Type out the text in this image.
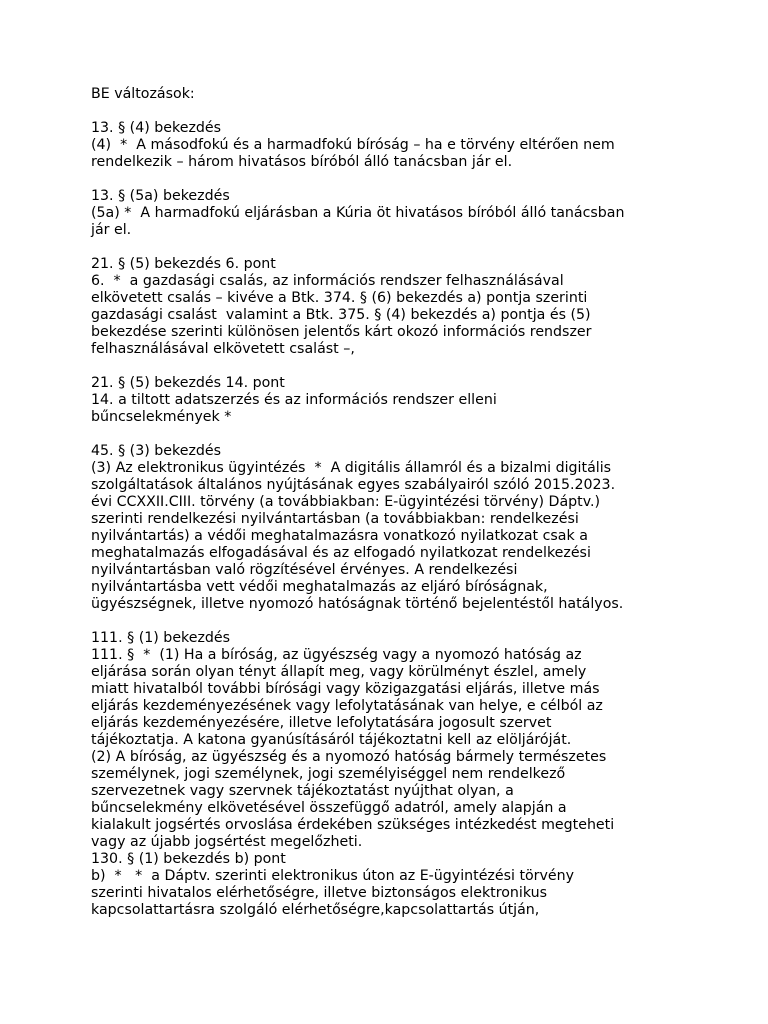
BE változások:
13. § (4) bekezdés
(4)  *  A másodfokú és a harmadfokú bíróság – ha e törvény eltérően nem
rendelkezik – három hivatásos bíróból álló tanácsban jár el.
13. § (5a) bekezdés
(5a) *  A harmadfokú eljárásban a Kúria öt hivatásos bíróból álló tanácsban
jár el.
21. § (5) bekezdés 6. pont
6.  *  a gazdasági csalás, az információs rendszer felhasználásával
elkövetett csalás – kivéve a Btk. 374. § (6) bekezdés a) pontja szerinti
gazdasági csalást  valamint a Btk. 375. § (4) bekezdés a) pontja és (5)
bekezdése szerinti különösen jelentős kárt okozó információs rendszer
felhasználásával elkövetett csalást –,
21. § (5) bekezdés 14. pont
14. a tiltott adatszerzés és az információs rendszer elleni
bűncselekmények *
45. § (3) bekezdés
(3) Az elektronikus ügyintézés  *  A digitális államról és a bizalmi digitális
szolgáltatások általános nyújtásának egyes szabályairól szóló 2015.2023.
évi CCXXII.CIII. törvény (a továbbiakban: E-ügyintézési törvény) Dáptv.)
szerinti rendelkezési nyilvántartásban (a továbbiakban: rendelkezési
nyilvántartás) a védői meghatalmazásra vonatkozó nyilatkozat csak a
meghatalmazás elfogadásával és az elfogadó nyilatkozat rendelkezési
nyilvántartásban való rögzítésével érvényes. A rendelkezési
nyilvántartásba vett védői meghatalmazás az eljáró bíróságnak,
ügyészségnek, illetve nyomozó hatóságnak történő bejelentéstől hatályos.
111. § (1) bekezdés
111. §  *  (1) Ha a bíróság, az ügyészség vagy a nyomozó hatóság az
eljárása során olyan tényt állapít meg, vagy körülményt észlel, amely
miatt hivatalból további bírósági vagy közigazgatási eljárás, illetve más
eljárás kezdeményezésének vagy lefolytatásának van helye, e célból az
eljárás kezdeményezésére, illetve lefolytatására jogosult szervet
tájékoztatja. A katona gyanúsításáról tájékoztatni kell az elöljáróját.
(2) A bíróság, az ügyészség és a nyomozó hatóság bármely természetes
személynek, jogi személynek, jogi személyiséggel nem rendelkező
szervezetnek vagy szervnek tájékoztatást nyújthat olyan, a
bűncselekmény elkövetésével összefüggő adatról, amely alapján a
kialakult jogsértés orvoslása érdekében szükséges intézkedést megteheti
vagy az újabb jogsértést megelőzheti.
130. § (1) bekezdés b) pont
b)  *   *  a Dáptv. szerinti elektronikus úton az E-ügyintézési törvény
szerinti hivatalos elérhetőségre, illetve biztonságos elektronikus
kapcsolattartásra szolgáló elérhetőségre,kapcsolattartás útján,
